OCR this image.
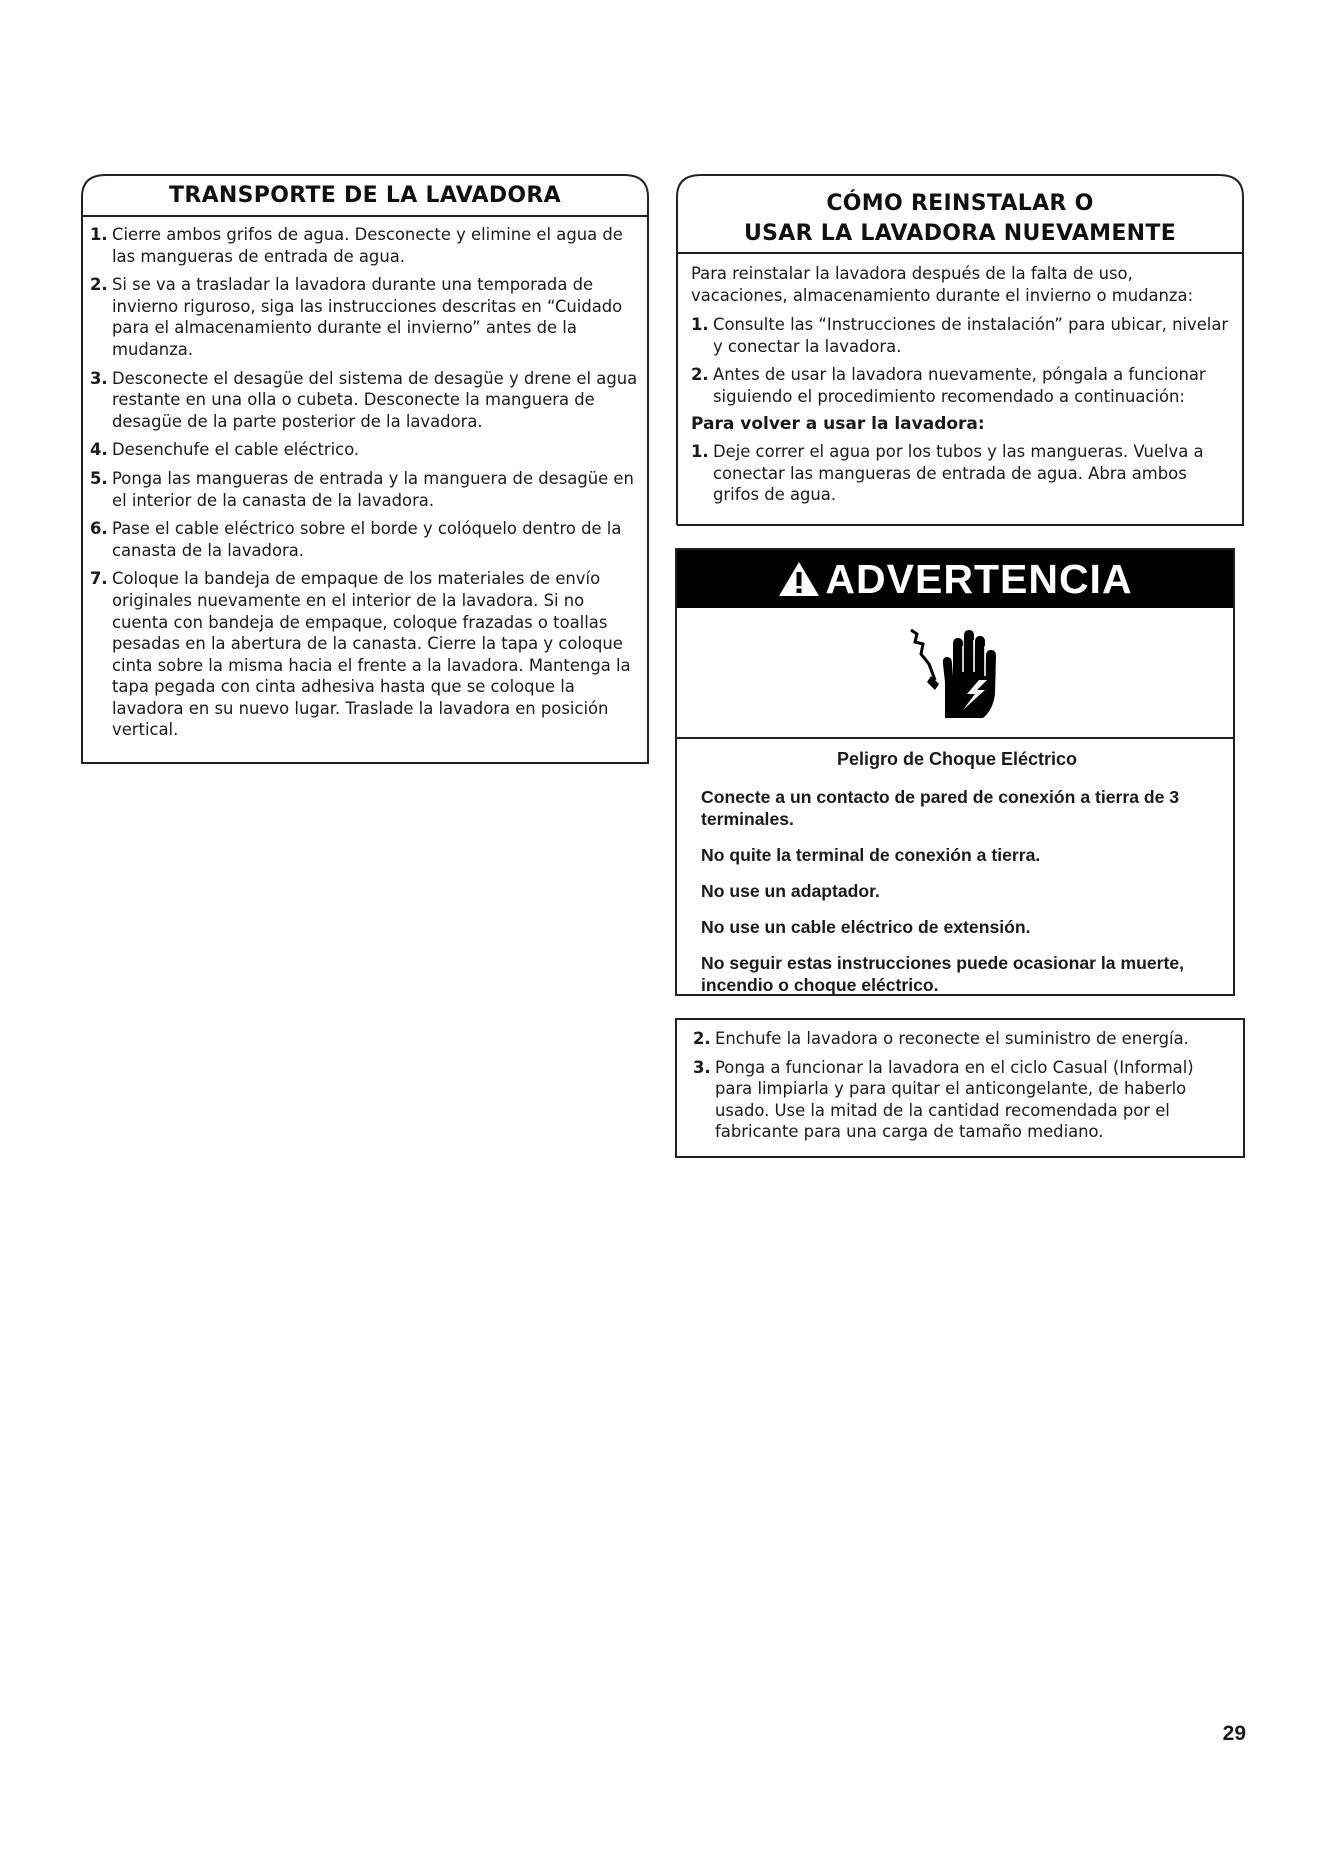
TRANSPORTE DE LA LAVADORA
1. Cierre ambos grifos de agua. Desconecte y elimine el agua de las mangueras de entrada de agua.
2. Si se va a trasladar la lavadora durante una temporada de invierno riguroso, siga las instrucciones descritas en “Cuidado para el almacenamiento durante el invierno” antes de la mudanza.
3. Desconecte el desagüe del sistema de desagüe y drene el agua restante en una olla o cubeta. Desconecte la manguera de desagüe de la parte posterior de la lavadora.
4. Desenchufe el cable eléctrico.
5. Ponga las mangueras de entrada y la manguera de desagüe en el interior de la canasta de la lavadora.
6. Pase el cable eléctrico sobre el borde y colóquelo dentro de la canasta de la lavadora.
7. Coloque la bandeja de empaque de los materiales de envío originales nuevamente en el interior de la lavadora. Si no cuenta con bandeja de empaque, coloque frazadas o toallas pesadas en la abertura de la canasta. Cierre la tapa y coloque cinta sobre la misma hacia el frente a la lavadora. Mantenga la tapa pegada con cinta adhesiva hasta que se coloque la lavadora en su nuevo lugar. Traslade la lavadora en posición vertical.
CÓMO REINSTALAR O
USAR LA LAVADORA NUEVAMENTE

Para reinstalar la lavadora después de la falta de uso, vacaciones, almacenamiento durante el invierno o mudanza:

1. Consulte las “Instrucciones de instalación” para ubicar, nivelar y conectar la lavadora.
2. Antes de usar la lavadora nuevamente, póngala a funcionar siguiendo el procedimiento recomendado a continuación:
Para volver a usar la lavadora:
1. Deje correr el agua por los tubos y las mangueras. Vuelva a conectar las mangueras de entrada de agua. Abra ambos grifos de agua.
ADVERTENCIA

Peligro de Choque Eléctrico

Conecte a un contacto de pared de conexión a tierra de 3 terminales.

No quite la terminal de conexión a tierra.

No use un adaptador.

No use un cable eléctrico de extensión.

No seguir estas instrucciones puede ocasionar la muerte, incendio o choque eléctrico.

2. Enchufe la lavadora o reconecte el suministro de energía.
3. Ponga a funcionar la lavadora en el ciclo Casual (Informal) para limpiarla y para quitar el anticongelante, de haberlo usado. Use la mitad de la cantidad recomendada por el fabricante para una carga de tamaño mediano.
29
